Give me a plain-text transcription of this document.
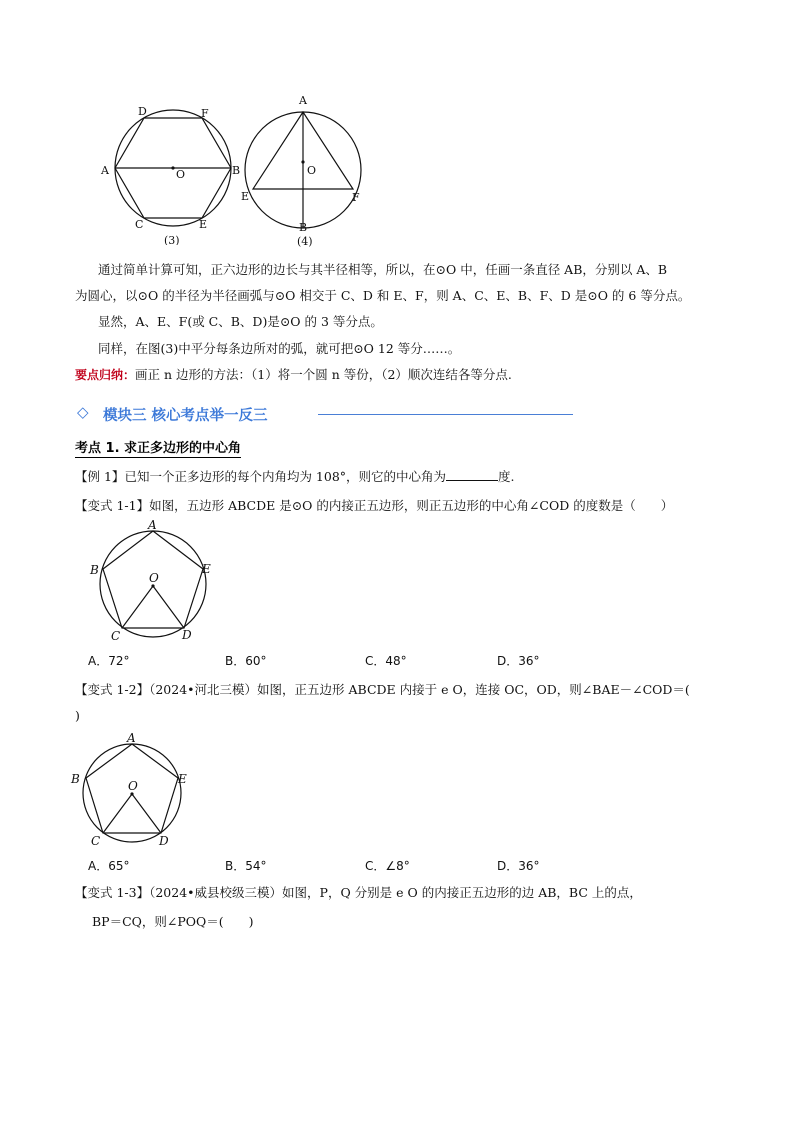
D	F
A	B
O
C	E
(3)
A
O
E	F
B
(4)
通过简单计算可知，正六边形的边长与其半径相等，所以，在⊙O 中，任画一条直径 AB，分别以 A、B
为圆心，以⊙O 的半径为半径画弧与⊙O 相交于 C、D 和 E、F，则 A、C、E、B、F、D 是⊙O 的 6 等分点。
显然，A、E、F(或 C、B、D)是⊙O 的 3 等分点。
同样，在图(3)中平分每条边所对的弧，就可把⊙O 12 等分……。
要点归纳：画正 n 边形的方法：（1）将一个圆 n 等份，（2）顺次连结各等分点.
◇ 模块三 核心考点举一反三
考点 1. 求正多边形的中心角
【例 1】已知一个正多边形的每个内角均为 108°，则它的中心角为	度.
【变式 1-1】如图，五边形 ABCDE 是⊙O 的内接正五边形，则正五边形的中心角∠COD 的度数是（　　）
A
B	E
O
C	D
A．72°	B．60°	C．48°	D．36°
【变式 1-2】（2024•河北三模）如图，正五边形 ABCDE 内接于 e O，连接 OC，OD，则∠BAE－∠COD＝(
)
A
B	E
O
C	D
A．65°	B．54°	C．∠8°	D．36°
【变式 1-3】（2024•威县校级三模）如图，P，Q 分别是 e O 的内接正五边形的边 AB，BC 上的点，
BP＝CQ，则∠POQ＝(　　)
